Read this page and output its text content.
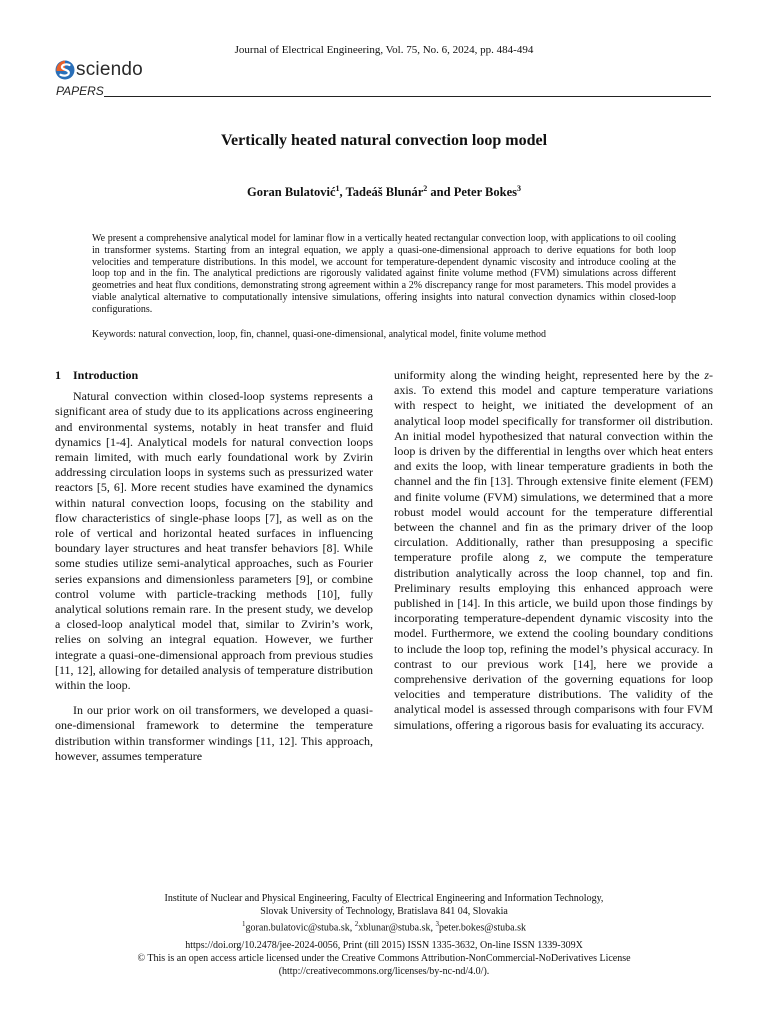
Journal of Electrical Engineering, Vol. 75, No. 6, 2024, pp. 484-494
sciendo
PAPERS
Vertically heated natural convection loop model
Goran Bulatović$^1$, Tadeáš Blunár$^2$ and Peter Bokes$^3$
We present a comprehensive analytical model for laminar flow in a vertically heated rectangular convection loop, with applications to oil cooling in transformer systems. Starting from an integral equation, we apply a quasi-one-dimensional approach to derive equations for both loop velocities and temperature distributions. In this model, we account for temperature-dependent dynamic viscosity and introduce cooling at the loop top and in the fin. The analytical predictions are rigorously validated against finite volume method (FVM) simulations across different geometries and heat flux conditions, demonstrating strong agreement within a 2% discrepancy range for most parameters. This model provides a viable analytical alternative to computationally intensive simulations, offering insights into natural convection dynamics within closed-loop configurations.
Keywords: natural convection, loop, fin, channel, quasi-one-dimensional, analytical model, finite volume method
1 Introduction

Natural convection within closed-loop systems represents a significant area of study due to its applications across engineering and environmental systems, notably in heat transfer and fluid dynamics [1-4]. Analytical models for natural convection loops remain limited, with much early foundational work by Zvirin addressing circulation loops in systems such as pressurized water reactors [5, 6]. More recent studies have examined the dynamics within natural convection loops, focusing on the stability and flow characteristics of single-phase loops [7], as well as on the role of vertical and horizontal heated surfaces in influencing boundary layer structures and heat transfer behaviors [8]. While some studies utilize semi-analytical approaches, such as Fourier series expansions and dimensionless parameters [9], or combine control volume with particle-tracking methods [10], fully analytical solutions remain rare. In the present study, we develop a closed-loop analytical model that, similar to Zvirin’s work, relies on solving an integral equation. However, we further integrate a quasi-one-dimensional approach from previous studies [11, 12], allowing for detailed analysis of temperature distribution within the loop.

In our prior work on oil transformers, we developed a quasi-one-dimensional framework to determine the temperature distribution within transformer windings [11, 12]. This approach, however, assumes temperature

uniformity along the winding height, represented here by the z-axis. To extend this model and capture temperature variations with respect to height, we initiated the development of an analytical loop model specifically for transformer oil distribution. An initial model hypothesized that natural convection within the loop is driven by the differential in lengths over which heat enters and exits the loop, with linear temperature gradients in both the channel and the fin [13]. Through extensive finite element (FEM) and finite volume (FVM) simulations, we determined that a more robust model would account for the temperature differential between the channel and fin as the primary driver of the loop circulation. Additionally, rather than presupposing a specific temperature profile along z, we compute the temperature distribution analytically across the loop channel, top and fin. Preliminary results employing this enhanced approach were published in [14]. In this article, we build upon those findings by incorporating temperature-dependent dynamic viscosity into the model. Furthermore, we extend the cooling boundary conditions to include the loop top, refining the model’s physical accuracy. In contrast to our previous work [14], here we provide a comprehensive derivation of the governing equations for loop velocities and temperature distributions. The validity of the analytical model is assessed through comparisons with four FVM simulations, offering a rigorous basis for evaluating its accuracy.

Institute of Nuclear and Physical Engineering, Faculty of Electrical Engineering and Information Technology,
Slovak University of Technology, Bratislava 841 04, Slovakia
$^1$goran.bulatovic@stuba.sk, $^2$xblunar@stuba.sk, $^3$peter.bokes@stuba.sk
https://doi.org/10.2478/jee-2024-0056, Print (till 2015) ISSN 1335-3632, On-line ISSN 1339-309X
© This is an open access article licensed under the Creative Commons Attribution-NonCommercial-NoDerivatives License
(http://creativecommons.org/licenses/by-nc-nd/4.0/).
